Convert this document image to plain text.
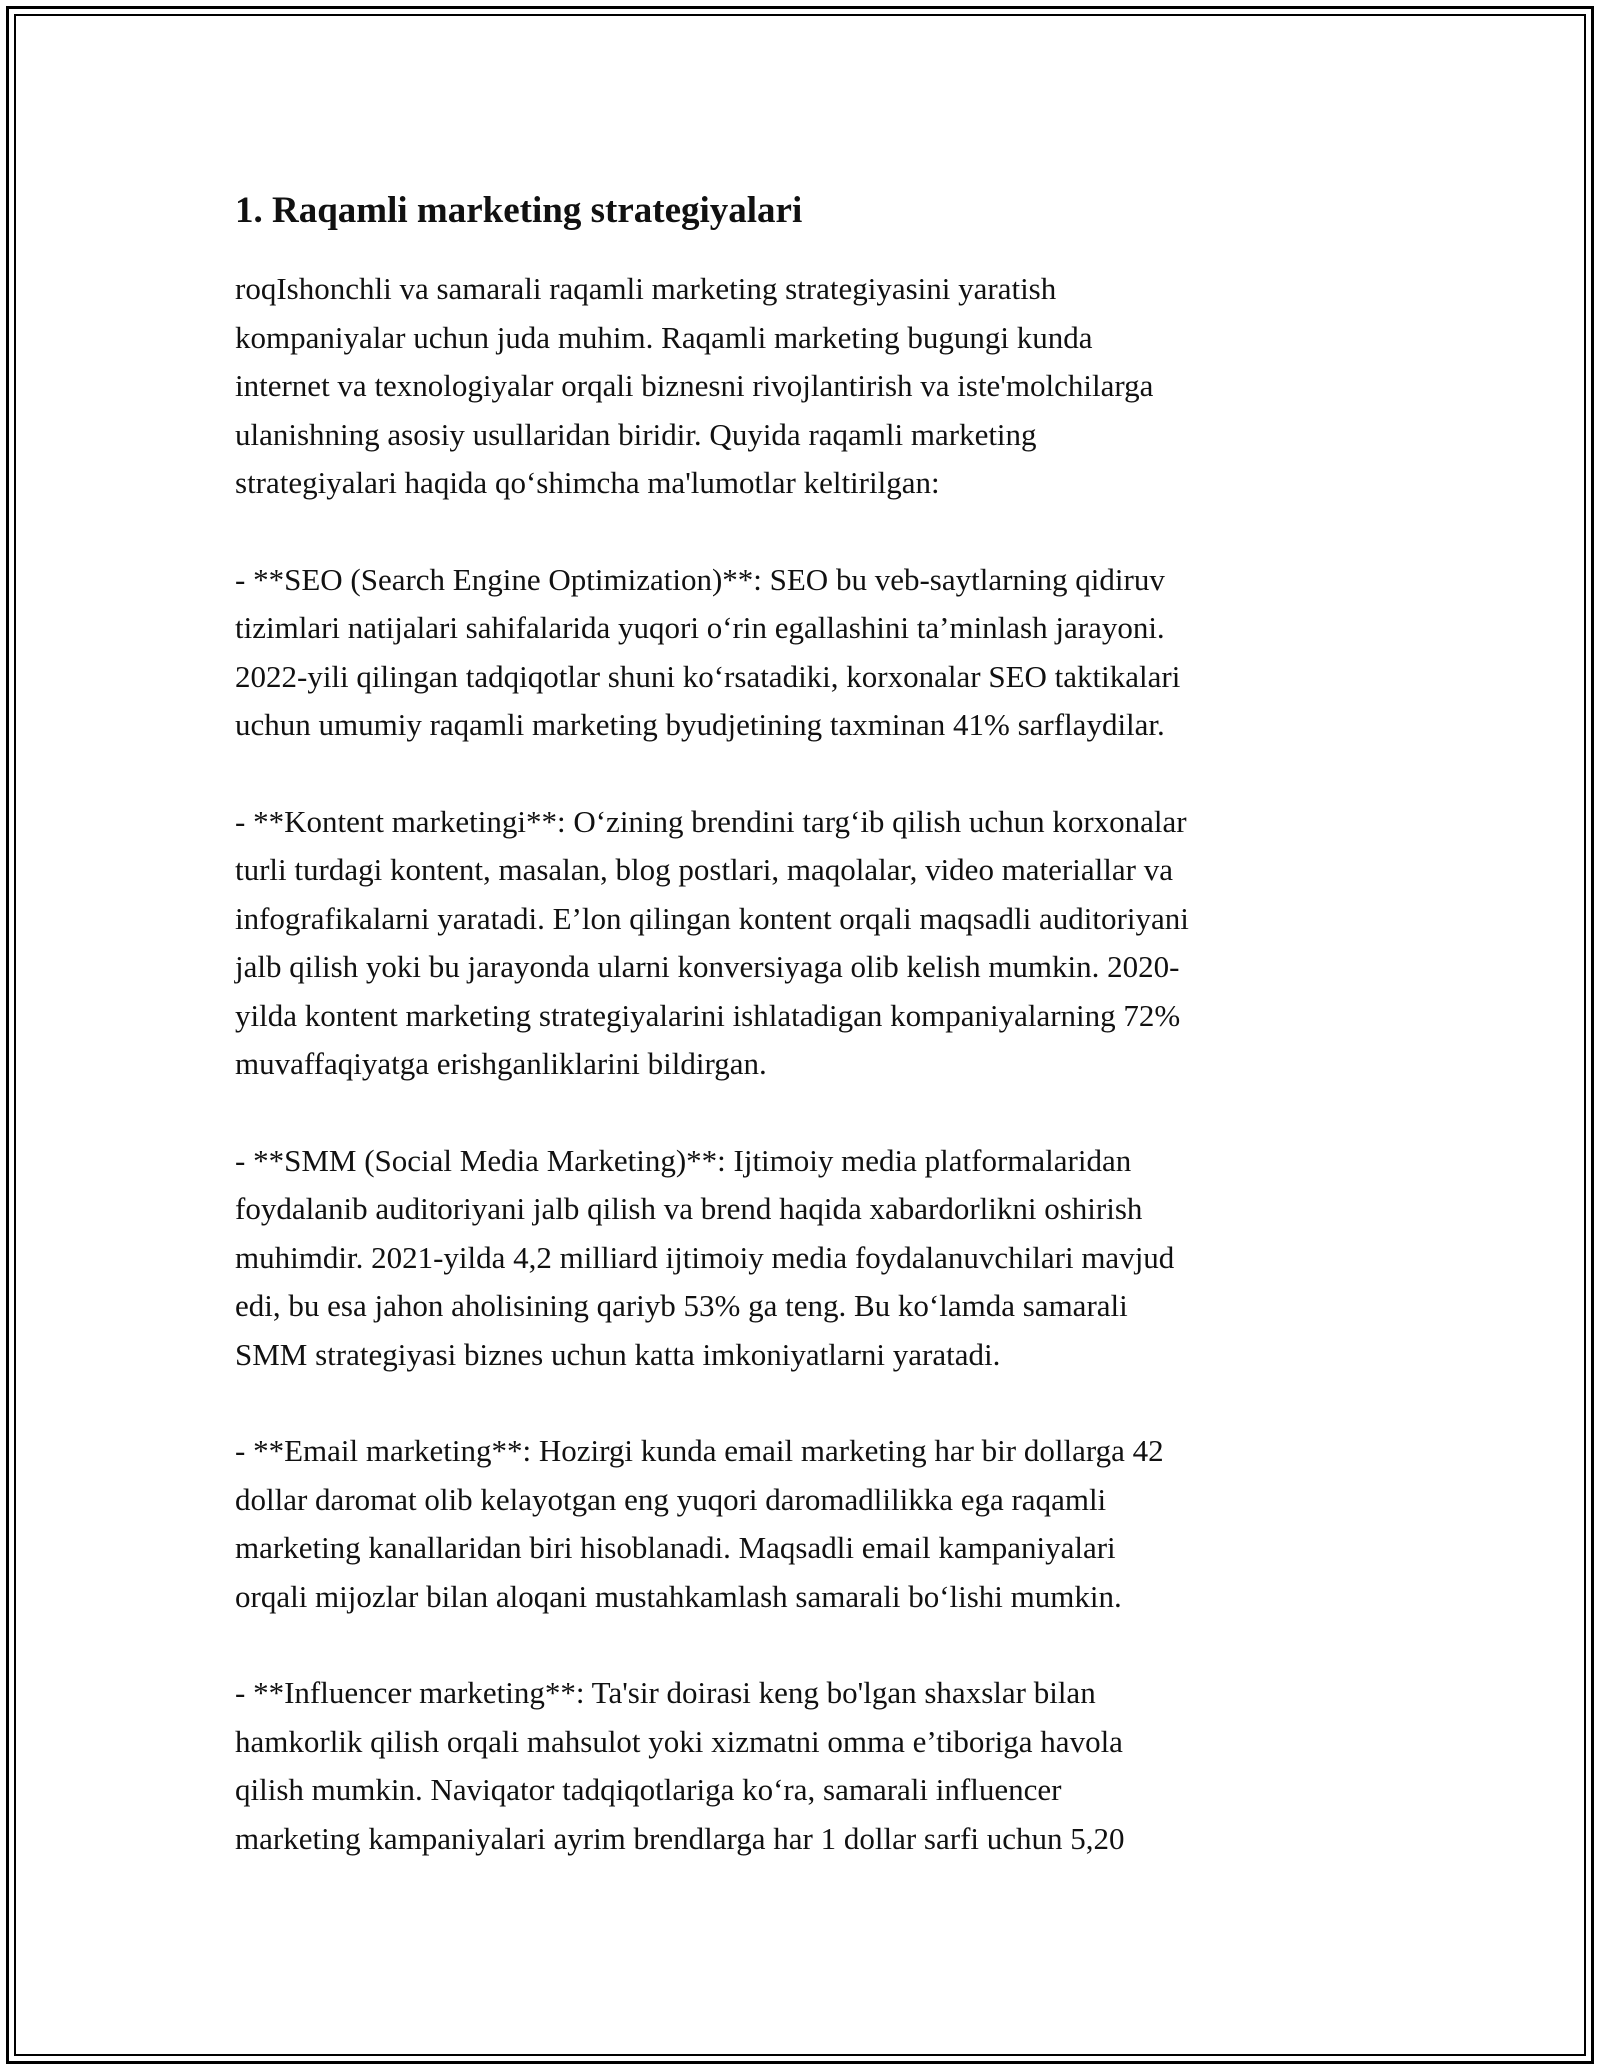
1. Raqamli marketing strategiyalari

roqIshonchli va samarali raqamli marketing strategiyasini yaratish
kompaniyalar uchun juda muhim. Raqamli marketing bugungi kunda
internet va texnologiyalar orqali biznesni rivojlantirish va iste'molchilarga
ulanishning asosiy usullaridan biridir. Quyida raqamli marketing
strategiyalari haqida qo‘shimcha ma'lumotlar keltirilgan:

- **SEO (Search Engine Optimization)**: SEO bu veb-saytlarning qidiruv
tizimlari natijalari sahifalarida yuqori o‘rin egallashini ta’minlash jarayoni.
2022-yili qilingan tadqiqotlar shuni ko‘rsatadiki, korxonalar SEO taktikalari
uchun umumiy raqamli marketing byudjetining taxminan 41% sarflaydilar.

- **Kontent marketingi**: O‘zining brendini targ‘ib qilish uchun korxonalar
turli turdagi kontent, masalan, blog postlari, maqolalar, video materiallar va
infografikalarni yaratadi. E’lon qilingan kontent orqali maqsadli auditoriyani
jalb qilish yoki bu jarayonda ularni konversiyaga olib kelish mumkin. 2020-
yilda kontent marketing strategiyalarini ishlatadigan kompaniyalarning 72%
muvaffaqiyatga erishganliklarini bildirgan.

- **SMM (Social Media Marketing)**: Ijtimoiy media platformalaridan
foydalanib auditoriyani jalb qilish va brend haqida xabardorlikni oshirish
muhimdir. 2021-yilda 4,2 milliard ijtimoiy media foydalanuvchilari mavjud
edi, bu esa jahon aholisining qariyb 53% ga teng. Bu ko‘lamda samarali
SMM strategiyasi biznes uchun katta imkoniyatlarni yaratadi.

- **Email marketing**: Hozirgi kunda email marketing har bir dollarga 42
dollar daromat olib kelayotgan eng yuqori daromadlilikka ega raqamli
marketing kanallaridan biri hisoblanadi. Maqsadli email kampaniyalari
orqali mijozlar bilan aloqani mustahkamlash samarali bo‘lishi mumkin.

- **Influencer marketing**: Ta'sir doirasi keng bo'lgan shaxslar bilan
hamkorlik qilish orqali mahsulot yoki xizmatni omma e’tiboriga havola
qilish mumkin. Naviqator tadqiqotlariga ko‘ra, samarali influencer
marketing kampaniyalari ayrim brendlarga har 1 dollar sarfi uchun 5,20
